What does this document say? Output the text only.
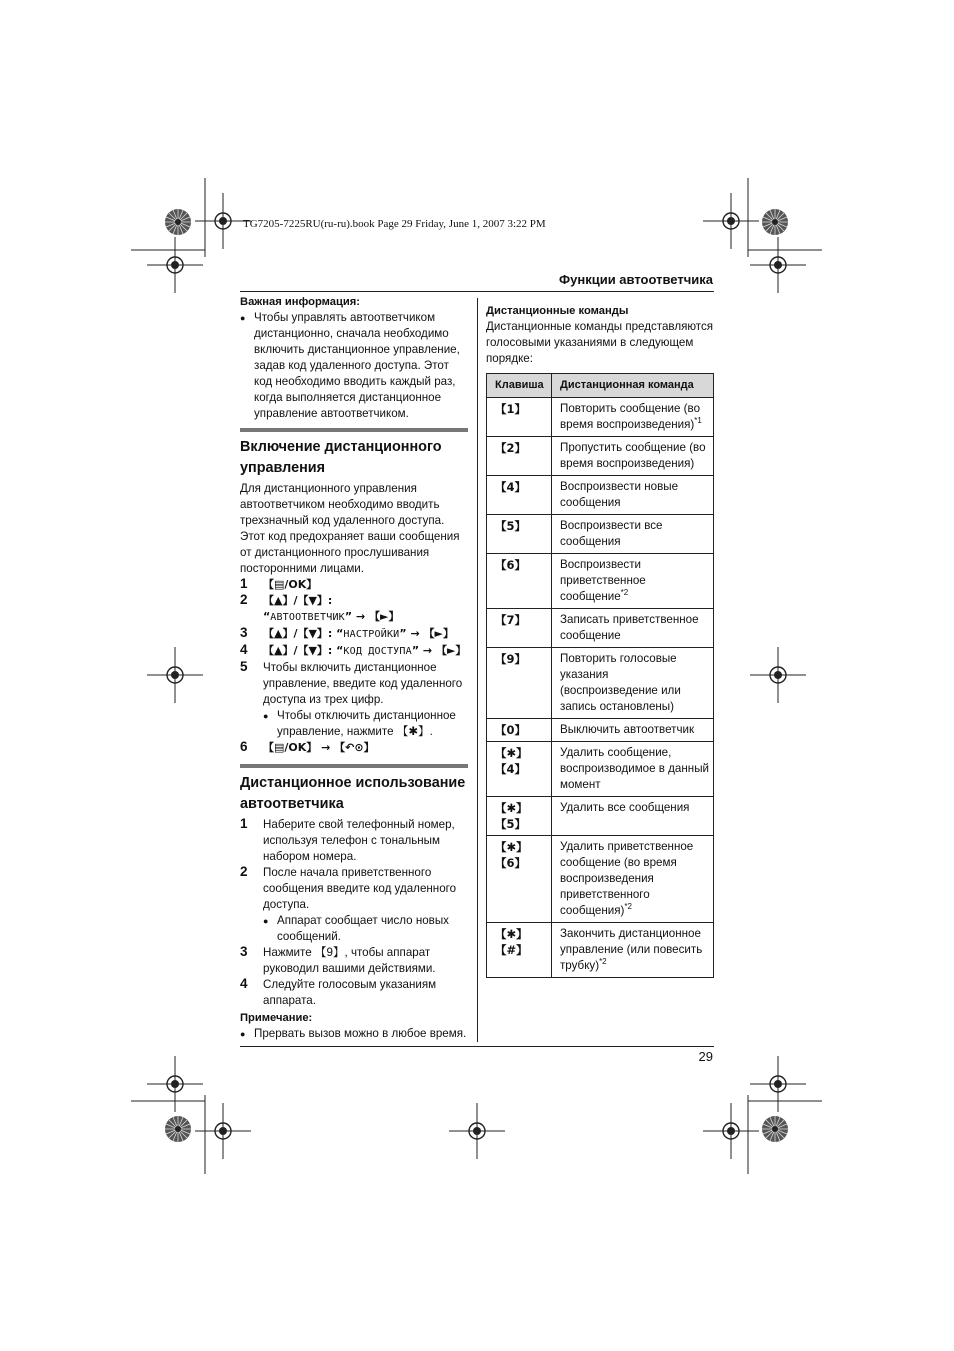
TG7205-7225RU(ru-ru).book Page 29 Friday, June 1, 2007 3:22 PM
Функции автоответчика
29
Важная информация:
● Чтобы управлять автоответчиком дистанционно, сначала необходимо включить дистанционное управление, задав код удаленного доступа. Этот код необходимо вводить каждый раз, когда выполняется дистанционное управление автоответчиком.
Включение дистанционного управления

Для дистанционного управления автоответчиком необходимо вводить трехзначный код удаленного доступа. Этот код предохраняет ваши сообщения от дистанционного прослушивания посторонними лицами.

1 【▤/OK】
2 【▲】/【▼】: “АВТООТВЕТЧИК” → 【►】
3 【▲】/【▼】: “НАСТРОЙКИ” → 【►】
4 【▲】/【▼】: “КОД ДОСТУПА” → 【►】
5 Чтобы включить дистанционное управление, введите код удаленного доступа из трех цифр.
● Чтобы отключить дистанционное управление, нажмите 【✱】.
6 【▤/OK】 → 【↶⊙】
Дистанционное использование автоответчика
1 Наберите свой телефонный номер, используя телефон с тональным набором номера.
2 После начала приветственного сообщения введите код удаленного доступа.
● Аппарат сообщает число новых сообщений.
3 Нажмите 【9】, чтобы аппарат руководил вашими действиями.
4 Следуйте голосовым указаниям аппарата.
Примечание:
● Прервать вызов можно в любое время.
Дистанционные команды

Дистанционные команды представляются голосовыми указаниями в следующем порядке:

Клавиша	Дистанционная команда
【1】	Повторить сообщение (во время воспроизведения)$^{*1}$
【2】	Пропустить сообщение (во время воспроизведения)
【4】	Воспроизвести новые сообщения
【5】	Воспроизвести все сообщения
【6】	Воспроизвести приветственное сообщение$^{*2}$
【7】	Записать приветственное сообщение
【9】	Повторить голосовые указания (воспроизведение или запись остановлены)
【0】	Выключить автоответчик
【✱】【4】	Удалить сообщение, воспроизводимое в данный момент
【✱】【5】	Удалить все сообщения
【✱】【6】	Удалить приветственное сообщение (во время воспроизведения приветственного сообщения)$^{*2}$
【✱】【#】	Закончить дистанционное управление (или повесить трубку)$^{*2}$
